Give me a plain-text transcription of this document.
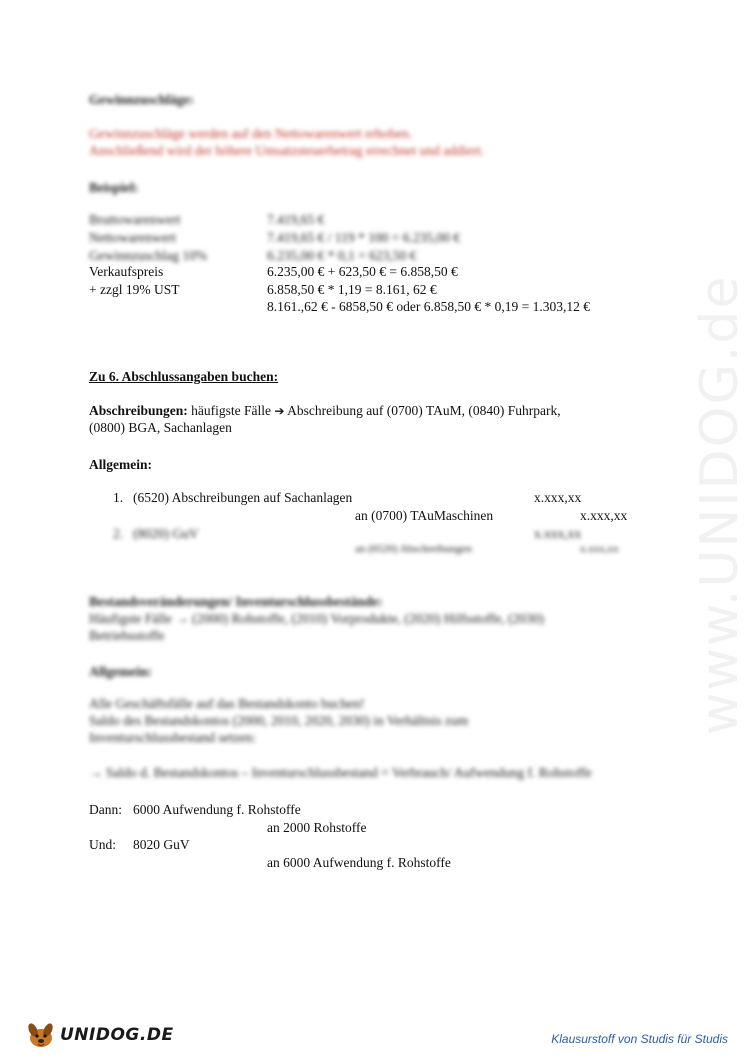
www.UNIDOG.de
Gewinnzuschläge:
Gewinnzuschläge werden auf den Nettowarenwert erhoben.
Anschließend wird der höhere Umsatzsteuerbetrag errechnet und addiert.
Beispiel:
Bruttowarenwert	7.419,65 €
Nettowarenwert	7.419,65 € / 119 * 100 = 6.235,00 €
Gewinnzuschlag 10%	6.235,00 € * 0,1 = 623,50 €
Verkaufspreis	6.235,00 € + 623,50 € = 6.858,50 €
+ zzgl 19% UST	6.858,50 € * 1,19 = 8.161, 62 €
8.161.,62 € - 6858,50 € oder 6.858,50 € * 0,19 = 1.303,12 €
Zu 6. Abschlussangaben buchen:
Abschreibungen: häufigste Fälle ➔ Abschreibung auf (0700) TAuM, (0840) Fuhrpark,
(0800) BGA, Sachanlagen
Allgemein:
1. (6520) Abschreibungen auf Sachanlagen	x.xxx,xx
an (0700) TAuMaschinen	x.xxx,xx
2. (8020) GuV	x.xxx,xx
an (6520) Abschreibungen	x.xxx,xx
Bestandsveränderungen/ Inventurschlussbestände:
Häufigste Fälle → (2000) Rohstoffe, (2010) Vorprodukte, (2020) Hilfsstoffe, (2030)
Betriebsstoffe
Allgemein:
Alle Geschäftsfälle auf das Bestandskonto buchen!
Saldo des Bestandskontos (2000, 2010, 2020, 2030) in Verhältnis zum
Inventurschlussbestand setzen:
→ Saldo d. Bestandskontos – Inventurschlussbestand = Verbrauch/ Aufwendung f. Rohstoffe
Dann: 6000 Aufwendung f. Rohstoffe
an 2000 Rohstoffe
Und: 8020 GuV
an 6000 Aufwendung f. Rohstoffe
UNIDOG.DE	Klausurstoff von Studis für Studis
